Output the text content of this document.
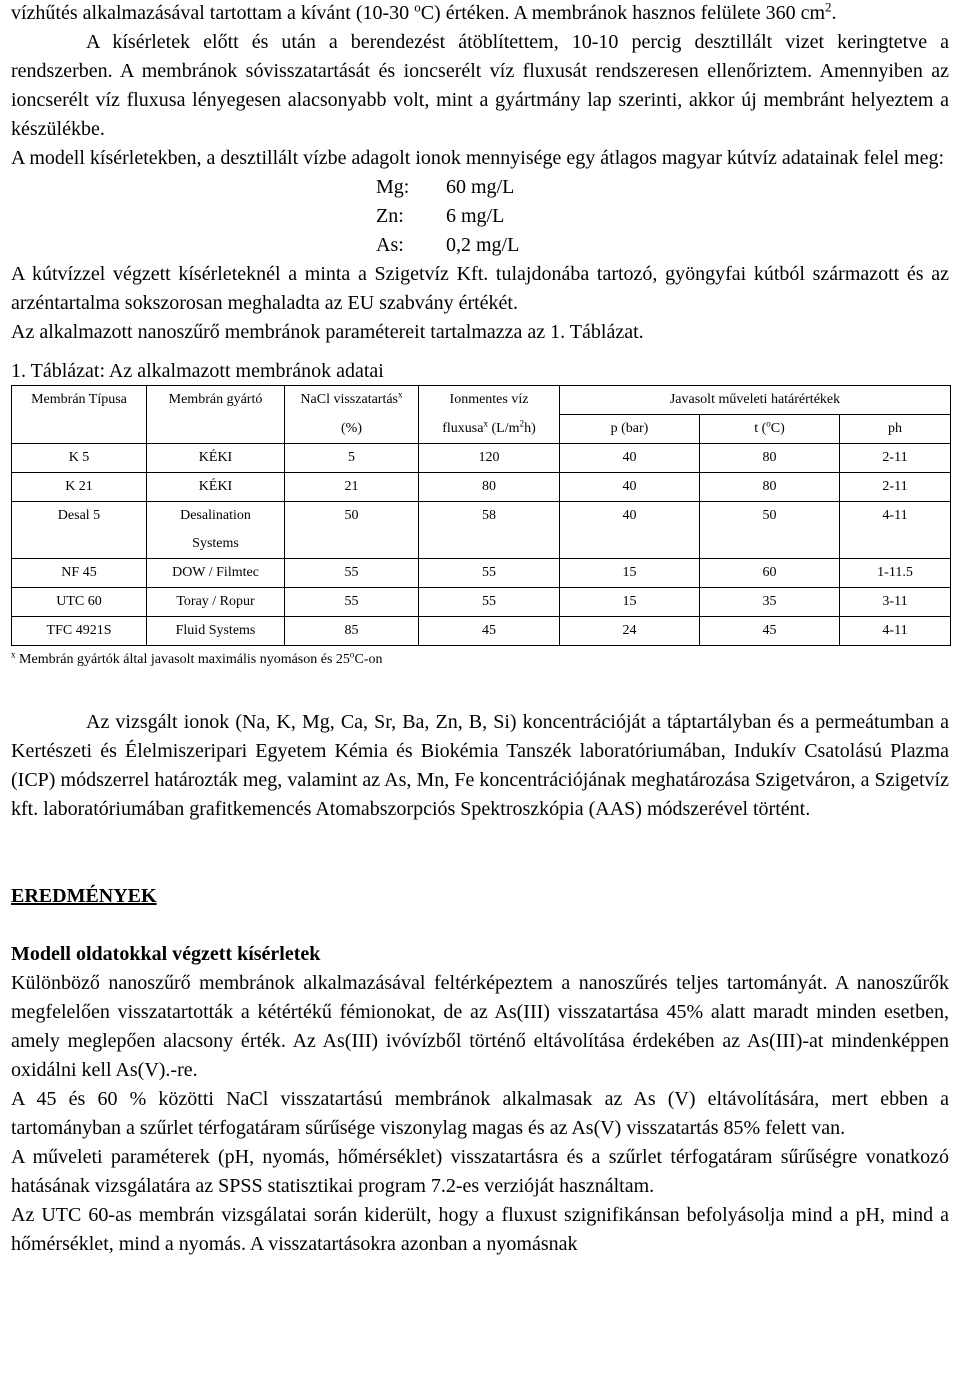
vízhűtés alkalmazásával tartottam a kívánt (10-30 $^o$C) értéken. A membránok hasznos felülete 360 $cm^2$.

A kísérletek előtt és után a berendezést átöblítettem, 10-10 percig desztillált vizet keringtetve a rendszerben. A membránok sóvisszatartását és ioncserélt víz fluxusát rendszeresen ellenőriztem. Amennyiben az ioncserélt víz fluxusa lényegesen alacsonyabb volt, mint a gyártmány lap szerinti, akkor új membránt helyeztem a készülékbe.

A modell kísérletekben, a desztillált vízbe adagolt ionok mennyisége egy átlagos magyar kútvíz adatainak felel meg:

Mg:	60 mg/L
Zn:	6 mg/L
As:	0,2 mg/L

A kútvízzel végzett kísérleteknél a minta a Szigetvíz Kft. tulajdonába tartozó, gyöngyfai kútból származott és az arzéntartalma sokszorosan meghaladta az EU szabvány értékét.

Az alkalmazott nanoszűrő membránok paramétereit tartalmazza az 1. Táblázat.

1. Táblázat: Az alkalmazott membránok adatai
Membrán Típusa	Membrán gyártó	NaCl visszatartás$^x$	Ionmentes víz	Javasolt műveleti határértékek		
		(%)	fluxusa$^x$ $(L/m^2h)$	p (bar)	t ($^o$C)	ph
K 5	KÉKI	5	120	40	80	2-11
K 21	KÉKI	21	80	40	80	2-11
Desal 5	Desalination
Systems	50	58	40	50	4-11
NF 45	DOW / Filmtec	55	55	15	60	1-11.5
UTC 60	Toray / Ropur	55	55	15	35	3-11
TFC 4921S	Fluid Systems	85	45	24	45	4-11
$^x$ Membrán gyártók által javasolt maximális nyomáson és 25$^o$C-on

Az vizsgált ionok (Na, K, Mg, Ca, Sr, Ba, Zn, B, Si) koncentrációját a táptartályban és a permeátumban a Kertészeti és Élelmiszeripari Egyetem Kémia és Biokémia Tanszék laboratóriumában, Indukív Csatolású Plazma (ICP) módszerrel határozták meg, valamint az As, Mn, Fe koncentrációjának meghatározása Szigetváron, a Szigetvíz kft. laboratóriumában grafitkemencés Atomabszorpciós Spektroszkópia (AAS) módszerével történt.

EREDMÉNYEK

Modell oldatokkal végzett kísérletek

Különböző nanoszűrő membránok alkalmazásával feltérképeztem a nanoszűrés teljes tartományát. A nanoszűrők megfelelően visszatartották a kétértékű fémionokat, de az As(III) visszatartása 45% alatt maradt minden esetben, amely meglepően alacsony érték. Az As(III) ivóvízből történő eltávolítása érdekében az As(III)-at mindenképpen oxidálni kell As(V).-re.

A 45 és 60 % közötti NaCl visszatartású membránok alkalmasak az As (V) eltávolítására, mert ebben a tartományban a szűrlet térfogatáram sűrűsége viszonylag magas és az As(V) visszatartás 85% felett van.

A műveleti paraméterek (pH, nyomás, hőmérséklet) visszatartásra és a szűrlet térfogatáram sűrűségre vonatkozó hatásának vizsgálatára az SPSS statisztikai program 7.2-es verzióját használtam.

Az UTC 60-as membrán vizsgálatai során kiderült, hogy a fluxust szignifikánsan befolyásolja mind a pH, mind a hőmérséklet, mind a nyomás. A visszatartásokra azonban a nyomásnak
